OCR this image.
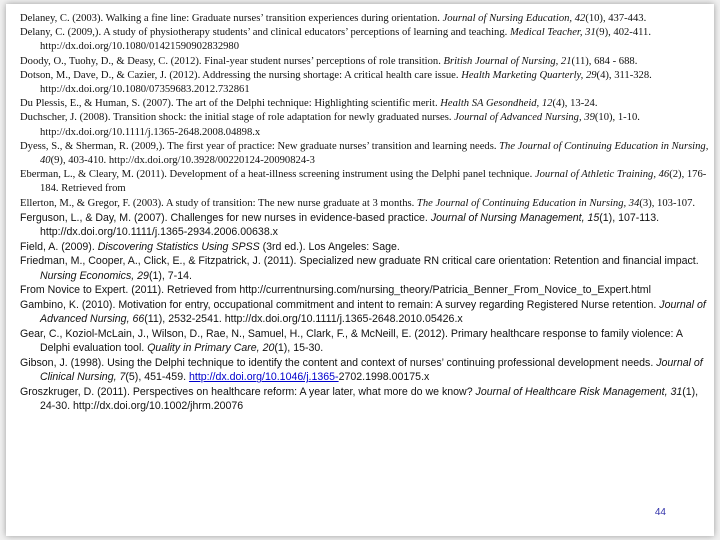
Delaney, C. (2003). Walking a fine line: Graduate nurses’ transition experiences during orientation. Journal of Nursing Education, 42(10), 437-443.

Delany, C. (2009,). A study of physiotherapy students’ and clinical educators’ perceptions of learning and teaching. Medical Teacher, 31(9), 402-411. http://dx.doi.org/10.1080/01421590902832980

Doody, O., Tuohy, D., & Deasy, C. (2012). Final-year student nurses’ perceptions of role transition. British Journal of Nursing, 21(11), 684 - 688.

Dotson, M., Dave, D., & Cazier, J. (2012). Addressing the nursing shortage: A critical health care issue. Health Marketing Quarterly, 29(4), 311-328. http://dx.doi.org/10.1080/07359683.2012.732861

Du Plessis, E., & Human, S. (2007). The art of the Delphi technique: Highlighting scientific merit. Health SA Gesondheid, 12(4), 13-24.

Duchscher, J. (2008). Transition shock: the initial stage of role adaptation for newly graduated nurses. Journal of Advanced Nursing, 39(10), 1-10. http://dx.doi.org/10.1111/j.1365-2648.2008.04898.x

Dyess, S., & Sherman, R. (2009,). The first year of practice: New graduate nurses’ transition and learning needs. The Journal of Continuing Education in Nursing, 40(9), 403-410. http://dx.doi.org/10.3928/00220124-20090824-3

Eberman, L., & Cleary, M. (2011). Development of a heat-illness screening instrument using the Delphi panel technique. Journal of Athletic Training, 46(2), 176-184. Retrieved from

Ellerton, M., & Gregor, F. (2003). A study of transition: The new nurse graduate at 3 months. The Journal of Continuing Education in Nursing, 34(3), 103-107.

Ferguson, L., & Day, M. (2007). Challenges for new nurses in evidence-based practice. Journal of Nursing Management, 15(1), 107-113. http://dx.doi.org/10.1111/j.1365-2934.2006.00638.x

Field, A. (2009). Discovering Statistics Using SPSS (3rd ed.). Los Angeles: Sage.

Friedman, M., Cooper, A., Click, E., & Fitzpatrick, J. (2011). Specialized new graduate RN critical care orientation: Retention and financial impact. Nursing Economics, 29(1), 7-14.

From Novice to Expert. (2011). Retrieved from http://currentnursing.com/nursing_theory/Patricia_Benner_From_Novice_to_Expert.html

Gambino, K. (2010). Motivation for entry, occupational commitment and intent to remain: A survey regarding Registered Nurse retention. Journal of Advanced Nursing, 66(11), 2532-2541. http://dx.doi.org/10.1111/j.1365-2648.2010.05426.x

Gear, C., Koziol-McLain, J., Wilson, D., Rae, N., Samuel, H., Clark, F., & McNeill, E. (2012). Primary healthcare response to family violence: A Delphi evaluation tool. Quality in Primary Care, 20(1), 15-30.

Gibson, J. (1998). Using the Delphi technique to identify the content and context of nurses’ continuing professional development needs. Journal of Clinical Nursing, 7(5), 451-459. http://dx.doi.org/10.1046/j.1365-2702.1998.00175.x

Groszkruger, D. (2011). Perspectives on healthcare reform: A year later, what more do we know? Journal of Healthcare Risk Management, 31(1), 24-30. http://dx.doi.org/10.1002/jhrm.20076

44
